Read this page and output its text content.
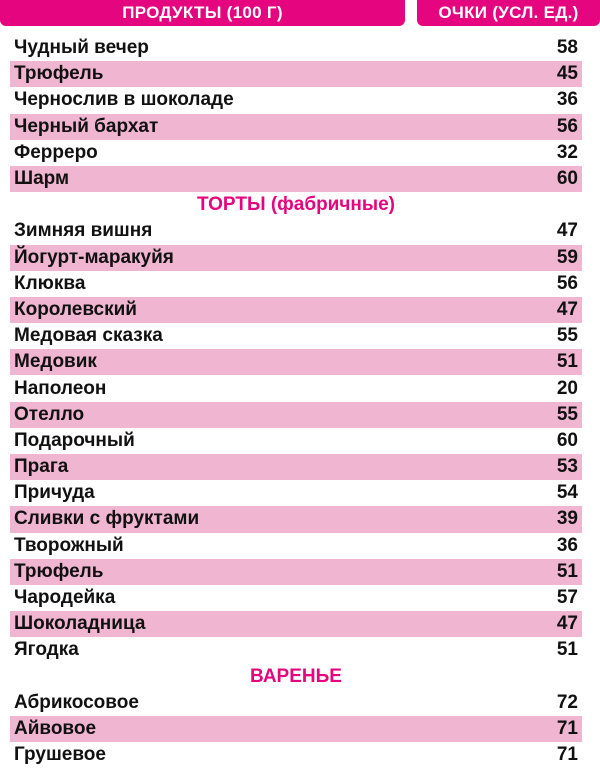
ПРОДУКТЫ (100 Г)	ОЧКИ (УСЛ. ЕД.)
Чудный вечер	58
Трюфель	45
Чернослив в шоколаде	36
Черный бархат	56
Ферреро	32
Шарм	60
ТОРТЫ (фабричные)
Зимняя вишня	47
Йогурт-маракуйя	59
Клюква	56
Королевский	47
Медовая сказка	55
Медовик	51
Наполеон	20
Отелло	55
Подарочный	60
Прага	53
Причуда	54
Сливки с фруктами	39
Творожный	36
Трюфель	51
Чародейка	57
Шоколадница	47
Ягодка	51
ВАРЕНЬЕ
Абрикосовое	72
Айвовое	71
Грушевое	71
